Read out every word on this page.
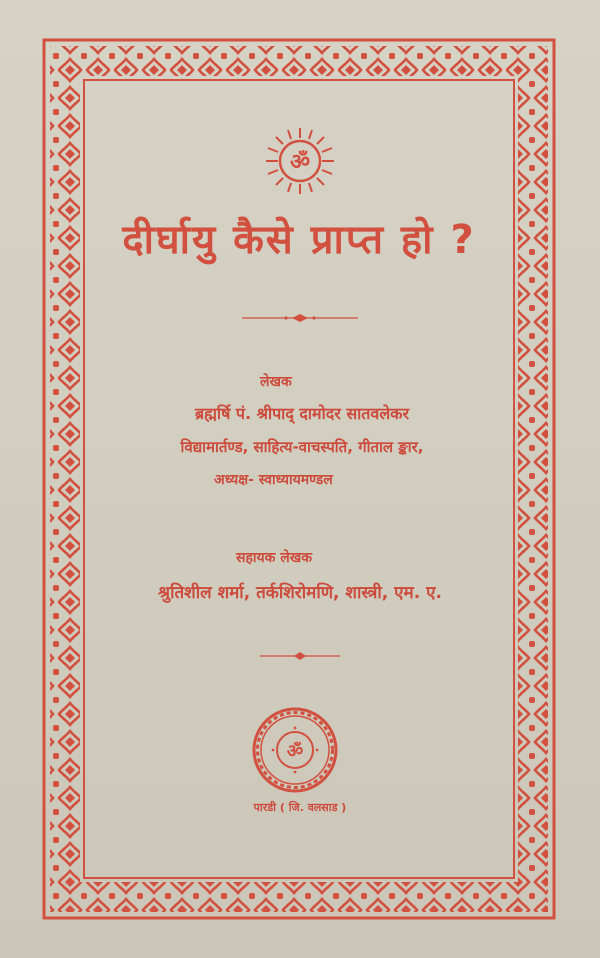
ॐ
दीर्घायु कैसे प्राप्त हो ?
लेखक
ब्रह्मर्षि पं. श्रीपाद् दामोदर सातवलेकर
विद्यामार्तण्ड, साहित्य-वाचस्पति, गीताल ङ्कार,
अध्यक्ष- स्वाध्यायमण्डल
सहायक लेखक
श्रुतिशील शर्मा, तर्कशिरोमणि, शास्त्री, एम. ए.
ॐ
पारडी ( जि. वलसाड )
